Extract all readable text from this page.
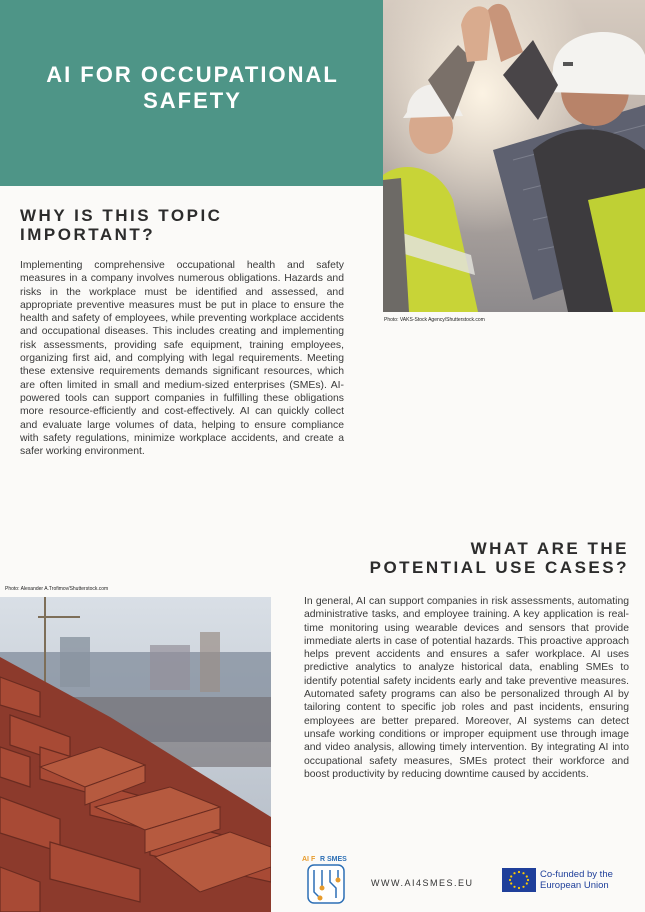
AI FOR OCCUPATIONAL SAFETY
Photo: VAKS-Stock Agency/Shutterstock.com
WHY IS THIS TOPIC
IMPORTANT?

Implementing comprehensive occupational health and safety measures in a company involves numerous obligations. Hazards and risks in the workplace must be identified and assessed, and appropriate preventive measures must be put in place to ensure the health and safety of employees, while preventing workplace accidents and occupational diseases. This includes creating and implementing risk assessments, providing safe equipment, training employees, organizing first aid, and complying with legal requirements. Meeting these extensive requirements demands significant resources, which are often limited in small and medium-sized enterprises (SMEs). AI-powered tools can support companies in fulfilling these obligations more resource-efficiently and cost-effectively. AI can quickly collect and evaluate large volumes of data, helping to ensure compliance with safety regulations, minimize workplace accidents, and create a safer working environment.

WHAT ARE THE
POTENTIAL USE CASES?
Photo: Alexander A.Trofimov/Shutterstock.com

In general, AI can support companies in risk assessments, automating administrative tasks, and employee training. A key application is real-time monitoring using wearable devices and sensors that provide immediate alerts in case of potential hazards. This proactive approach helps prevent accidents and ensures a safer workplace. AI uses predictive analytics to analyze historical data, enabling SMEs to identify potential safety incidents early and take preventive measures. Automated safety programs can also be personalized through AI by tailoring content to specific job roles and past incidents, ensuring employees are better prepared. Moreover, AI systems can detect unsafe working conditions or improper equipment use through image and video analysis, allowing timely intervention. By integrating AI into occupational safety measures, SMEs protect their workforce and boost productivity by reducing downtime caused by accidents.

AI F R SMES
WWW.AI4SMES.EU
Co-funded by the
European Union
